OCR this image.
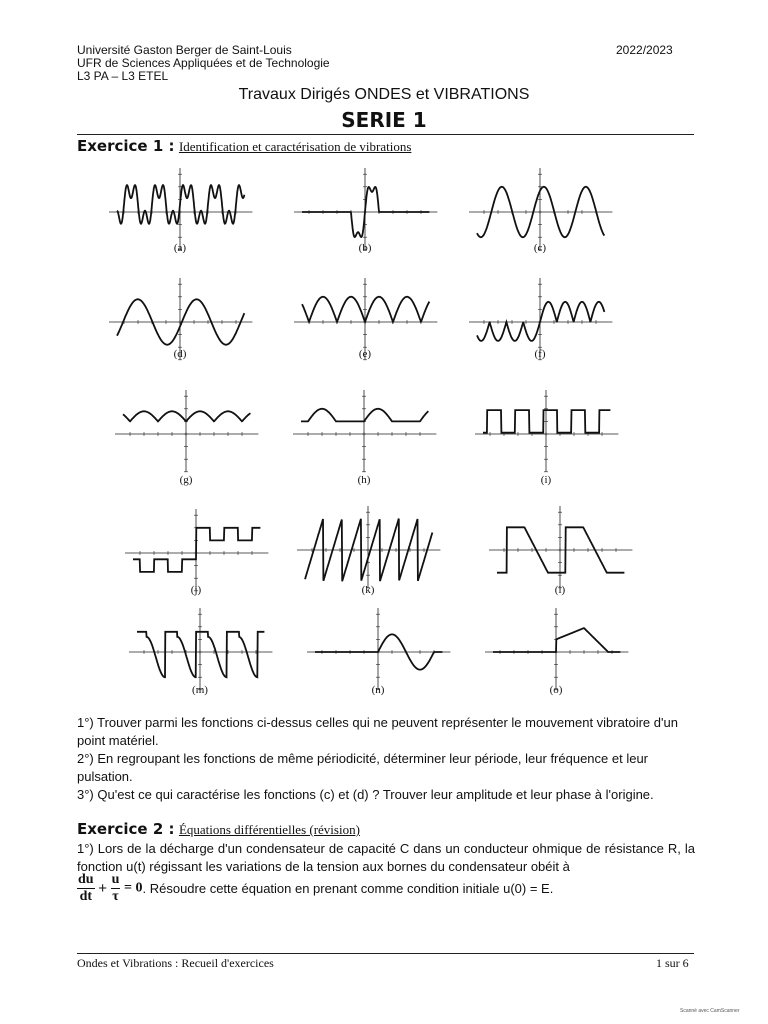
Université Gaston Berger de Saint-Louis
UFR de Sciences Appliquées et de Technologie
L3 PA – L3 ETEL
2022/2023
Travaux Dirigés ONDES et VIBRATIONS
SERIE 1
Exercice 1 : Identification et caractérisation de vibrations
(a)	(b)	(c)
(d)	(e)	(f)
(g)	(h)	(i)
(j)	(k)	(l)
(m)	(n)	(o)
1°) Trouver parmi les fonctions ci-dessus celles qui ne peuvent représenter le mouvement vibratoire d'un point matériel.
2°) En regroupant les fonctions de même périodicité, déterminer leur période, leur fréquence et leur pulsation.
3°) Qu'est ce qui caractérise les fonctions (c) et (d) ? Trouver leur amplitude et leur phase à l'origine.
Exercice 2 : Équations différentielles (révision)
1°) Lors de la décharge d'un condensateur de capacité C dans un conducteur ohmique de résistance R, la fonction u(t) régissant les variations de la tension aux bornes du condensateur obéit à
$\frac{du}{dt} + \frac{u}{\tau} = 0$. Résoudre cette équation en prenant comme condition initiale u(0) = E.
Ondes et Vibrations : Recueil d'exercices	1 sur 6
Scanné avec CamScanner
